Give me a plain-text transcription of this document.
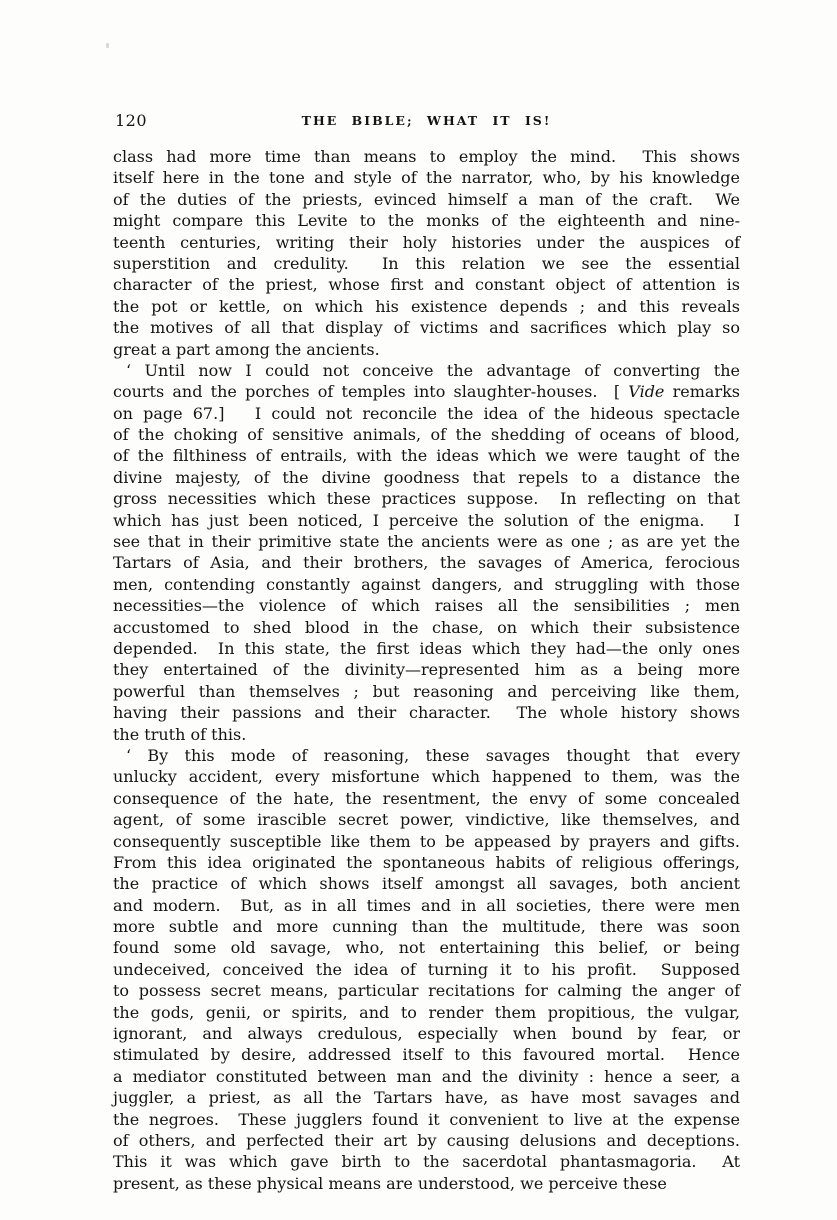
120	THE BIBLE; WHAT IT IS!
class had more time than means to employ the mind.  This shows
itself here in the tone and style of the narrator, who, by his knowledge
of the duties of the priests, evinced himself a man of the craft.  We
might compare this Levite to the monks of the eighteenth and nine-
teenth centuries, writing their holy histories under the auspices of
superstition and credulity.  In this relation we see the essential
character of the priest, whose first and constant object of attention is
the pot or kettle, on which his existence depends ; and this reveals
the motives of all that display of victims and sacrifices which play so
great a part among the ancients.
‘ Until now I could not conceive the advantage of converting the
courts and the porches of temples into slaughter-houses.  [ Vide remarks
on page 67.]   I could not reconcile the idea of the hideous spectacle
of the choking of sensitive animals, of the shedding of oceans of blood,
of the filthiness of entrails, with the ideas which we were taught of the
divine majesty, of the divine goodness that repels to a distance the
gross necessities which these practices suppose.  In reflecting on that
which has just been noticed, I perceive the solution of the enigma.   I
see that in their primitive state the ancients were as one ; as are yet the
Tartars of Asia, and their brothers, the savages of America, ferocious
men, contending constantly against dangers, and struggling with those
necessities—the violence of which raises all the sensibilities ; men
accustomed to shed blood in the chase, on which their subsistence
depended.  In this state, the first ideas which they had—the only ones
they entertained of the divinity—represented him as a being more
powerful than themselves ; but reasoning and perceiving like them,
having their passions and their character.  The whole history shows
the truth of this.
‘ By this mode of reasoning, these savages thought that every
unlucky accident, every misfortune which happened to them, was the
consequence of the hate, the resentment, the envy of some concealed
agent, of some irascible secret power, vindictive, like themselves, and
consequently susceptible like them to be appeased by prayers and gifts.
From this idea originated the spontaneous habits of religious offerings,
the practice of which shows itself amongst all savages, both ancient
and modern.  But, as in all times and in all societies, there were men
more subtle and more cunning than the multitude, there was soon
found some old savage, who, not entertaining this belief, or being
undeceived, conceived the idea of turning it to his profit.  Supposed
to possess secret means, particular recitations for calming the anger of
the gods, genii, or spirits, and to render them propitious, the vulgar,
ignorant, and always credulous, especially when bound by fear, or
stimulated by desire, addressed itself to this favoured mortal.  Hence
a mediator constituted between man and the divinity : hence a seer, a
juggler, a priest, as all the Tartars have, as have most savages and
the negroes.  These jugglers found it convenient to live at the expense
of others, and perfected their art by causing delusions and deceptions.
This it was which gave birth to the sacerdotal phantasmagoria.  At
present, as these physical means are understood, we perceive these
